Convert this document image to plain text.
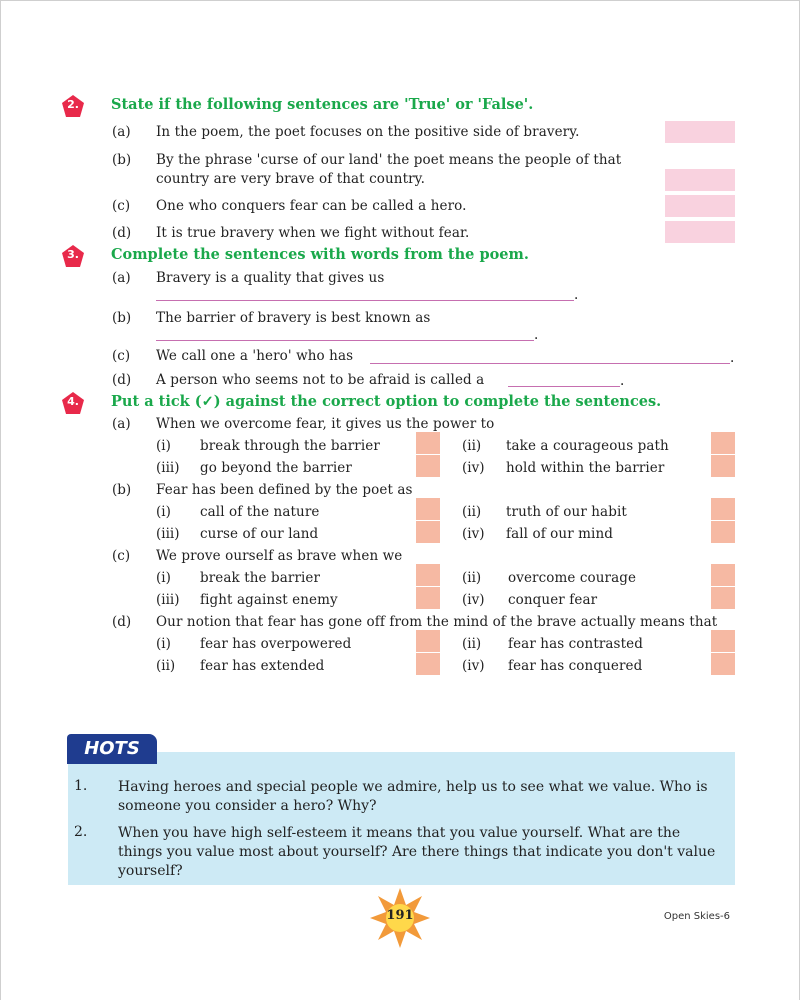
2.	State if the following sentences are 'True' or 'False'.
(a) In the poem, the poet focuses on the positive side of bravery.
(b) By the phrase 'curse of our land' the poet means the people of that
country are very brave of that country.
(c) One who conquers fear can be called a hero.
(d) It is true bravery when we fight without fear.
3.	Complete the sentences with words from the poem.
(a) Bravery is a quality that gives us
.
(b) The barrier of bravery is best known as
.
(c) We call one a 'hero' who has	.
(d) A person who seems not to be afraid is called a	.
4.	Put a tick (✓) against the correct option to complete the sentences.
(a) When we overcome fear, it gives us the power to
(i) break through the barrier	(ii) take a courageous path
(iii) go beyond the barrier	(iv) hold within the barrier
(b) Fear has been defined by the poet as
(i) call of the nature	(ii) truth of our habit
(iii) curse of our land	(iv) fall of our mind
(c) We prove ourself as brave when we
(i) break the barrier	(ii) overcome courage
(iii) fight against enemy	(iv) conquer fear
(d) Our notion that fear has gone off from the mind of the brave actually means that
(i) fear has overpowered	(ii) fear has contrasted
(ii) fear has extended	(iv) fear has conquered
HOTS
1. Having heroes and special people we admire, help us to see what we value. Who is someone you consider a hero? Why?
2. When you have high self-esteem it means that you value yourself. What are the things you value most about yourself? Are there things that indicate you don't value yourself?
191	Open Skies-6
